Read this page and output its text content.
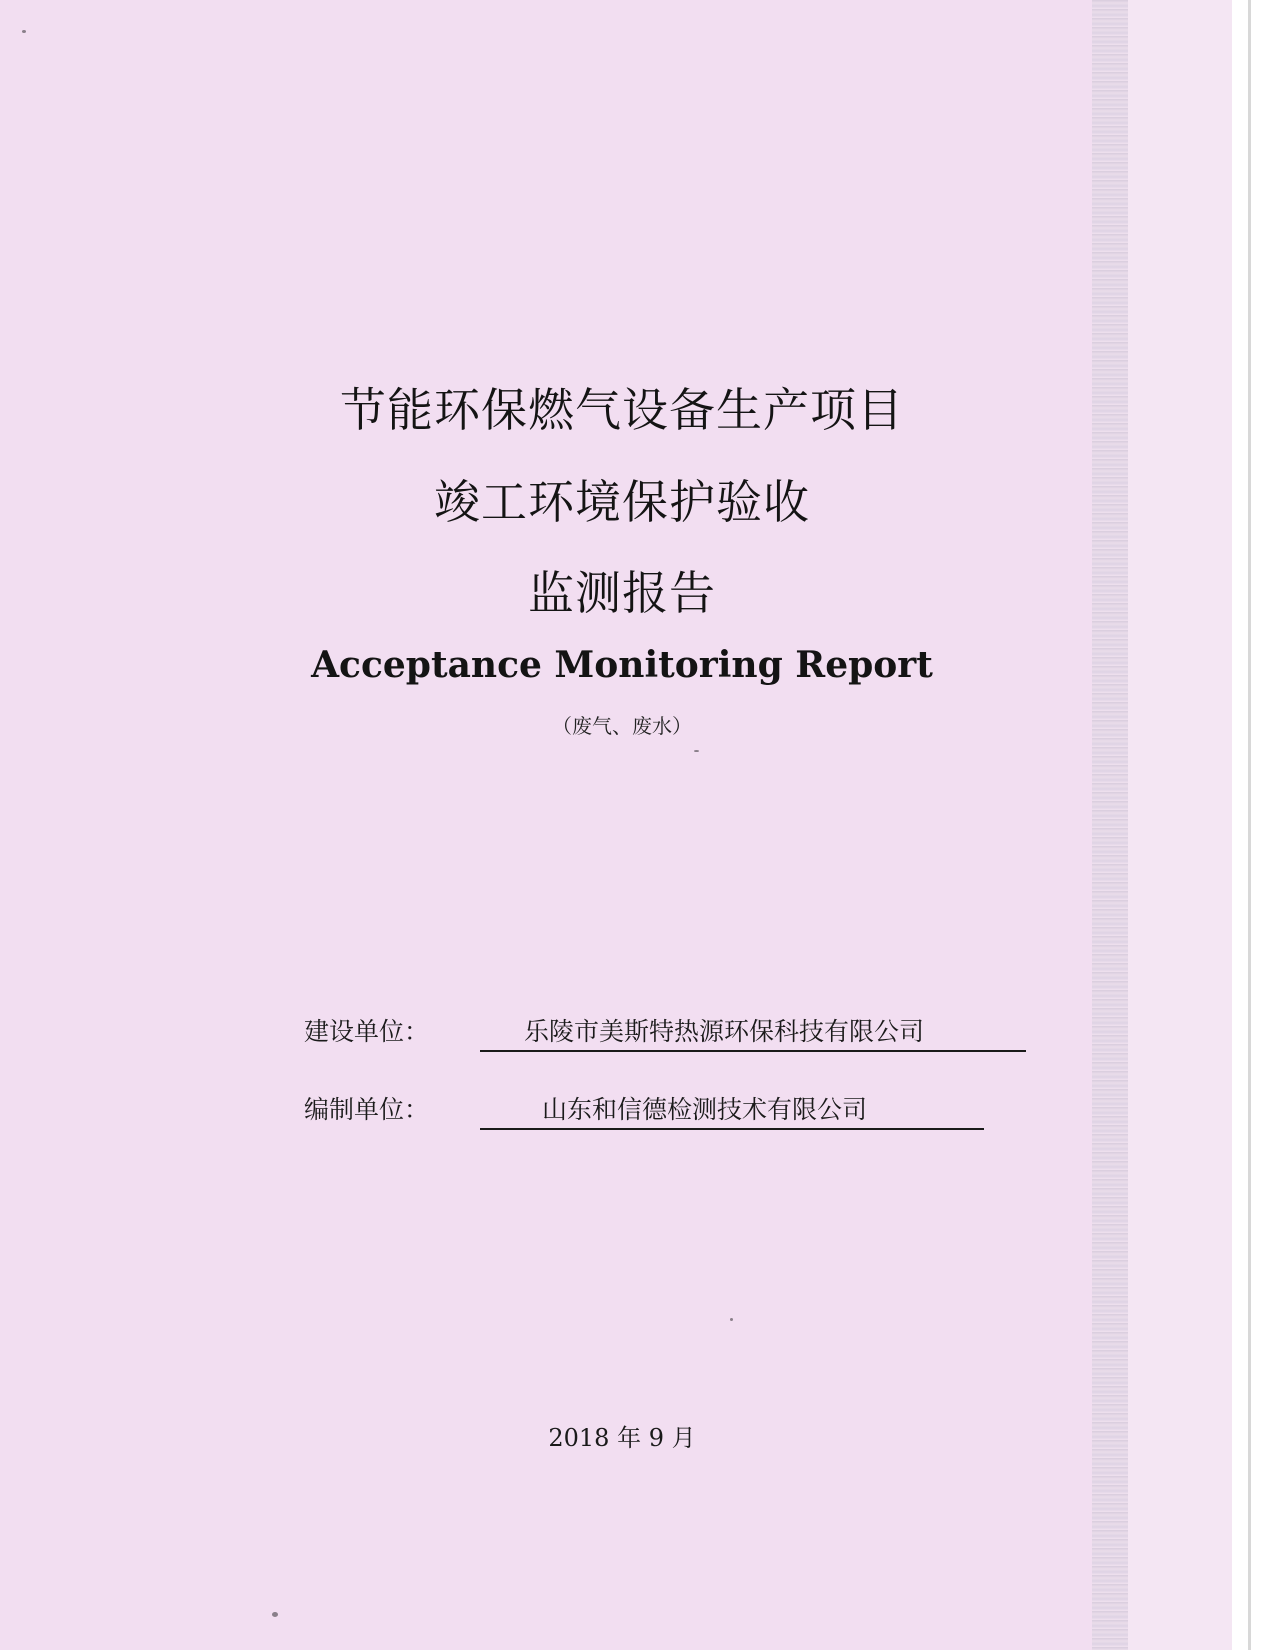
节能环保燃气设备生产项目
竣工环境保护验收
监测报告
Acceptance Monitoring Report
（废气、废水）
建设单位：	乐陵市美斯特热源环保科技有限公司
编制单位：	山东和信德检测技术有限公司
2018 年 9 月
